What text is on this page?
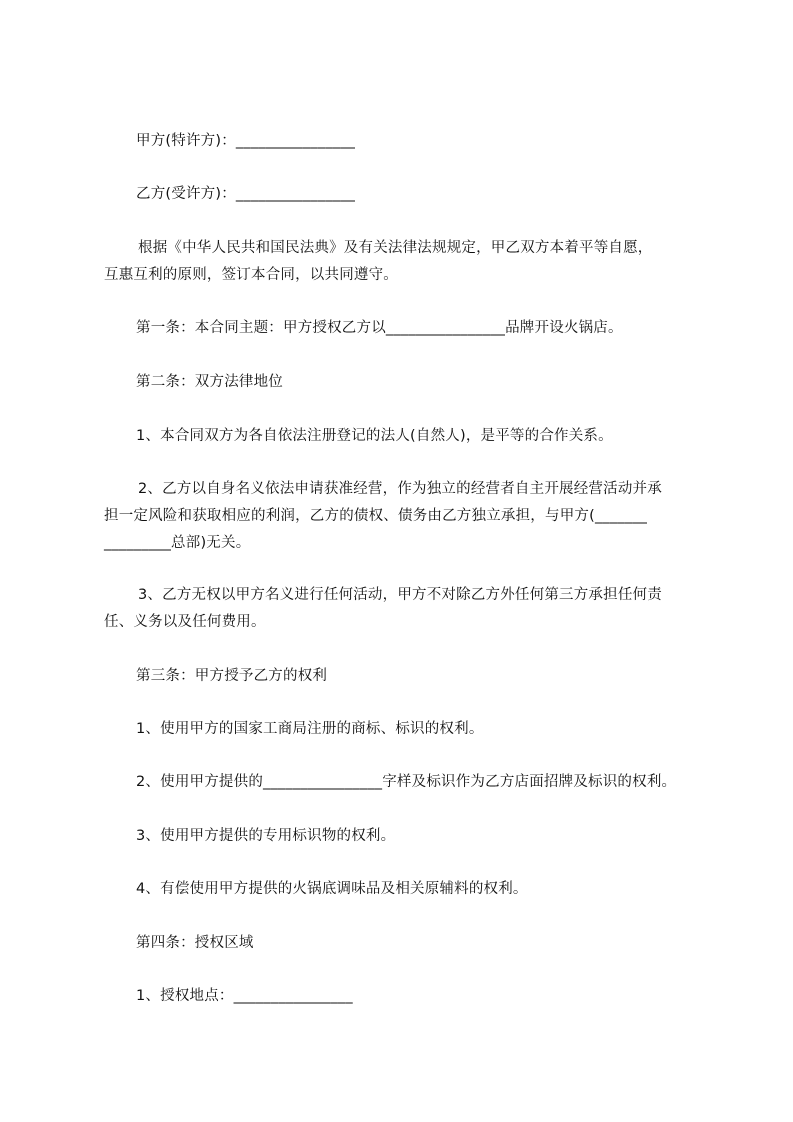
甲方(特许方)：________________
乙方(受许方)：________________
根据《中华人民共和国民法典》及有关法律法规规定，甲乙双方本着平等自愿，
互惠互利的原则，签订本合同，以共同遵守。
第一条：本合同主题：甲方授权乙方以________________品牌开设火锅店。
第二条：双方法律地位
1、本合同双方为各自依法注册登记的法人(自然人)，是平等的合作关系。
2、乙方以自身名义依法申请获准经营，作为独立的经营者自主开展经营活动并承
担一定风险和获取相应的利润，乙方的债权、债务由乙方独立承担，与甲方(_______
_________总部)无关。
3、乙方无权以甲方名义进行任何活动，甲方不对除乙方外任何第三方承担任何责
任、义务以及任何费用。
第三条：甲方授予乙方的权利
1、使用甲方的国家工商局注册的商标、标识的权利。
2、使用甲方提供的________________字样及标识作为乙方店面招牌及标识的权利。
3、使用甲方提供的专用标识物的权利。
4、有偿使用甲方提供的火锅底调味品及相关原辅料的权利。
第四条：授权区域
1、授权地点：________________
